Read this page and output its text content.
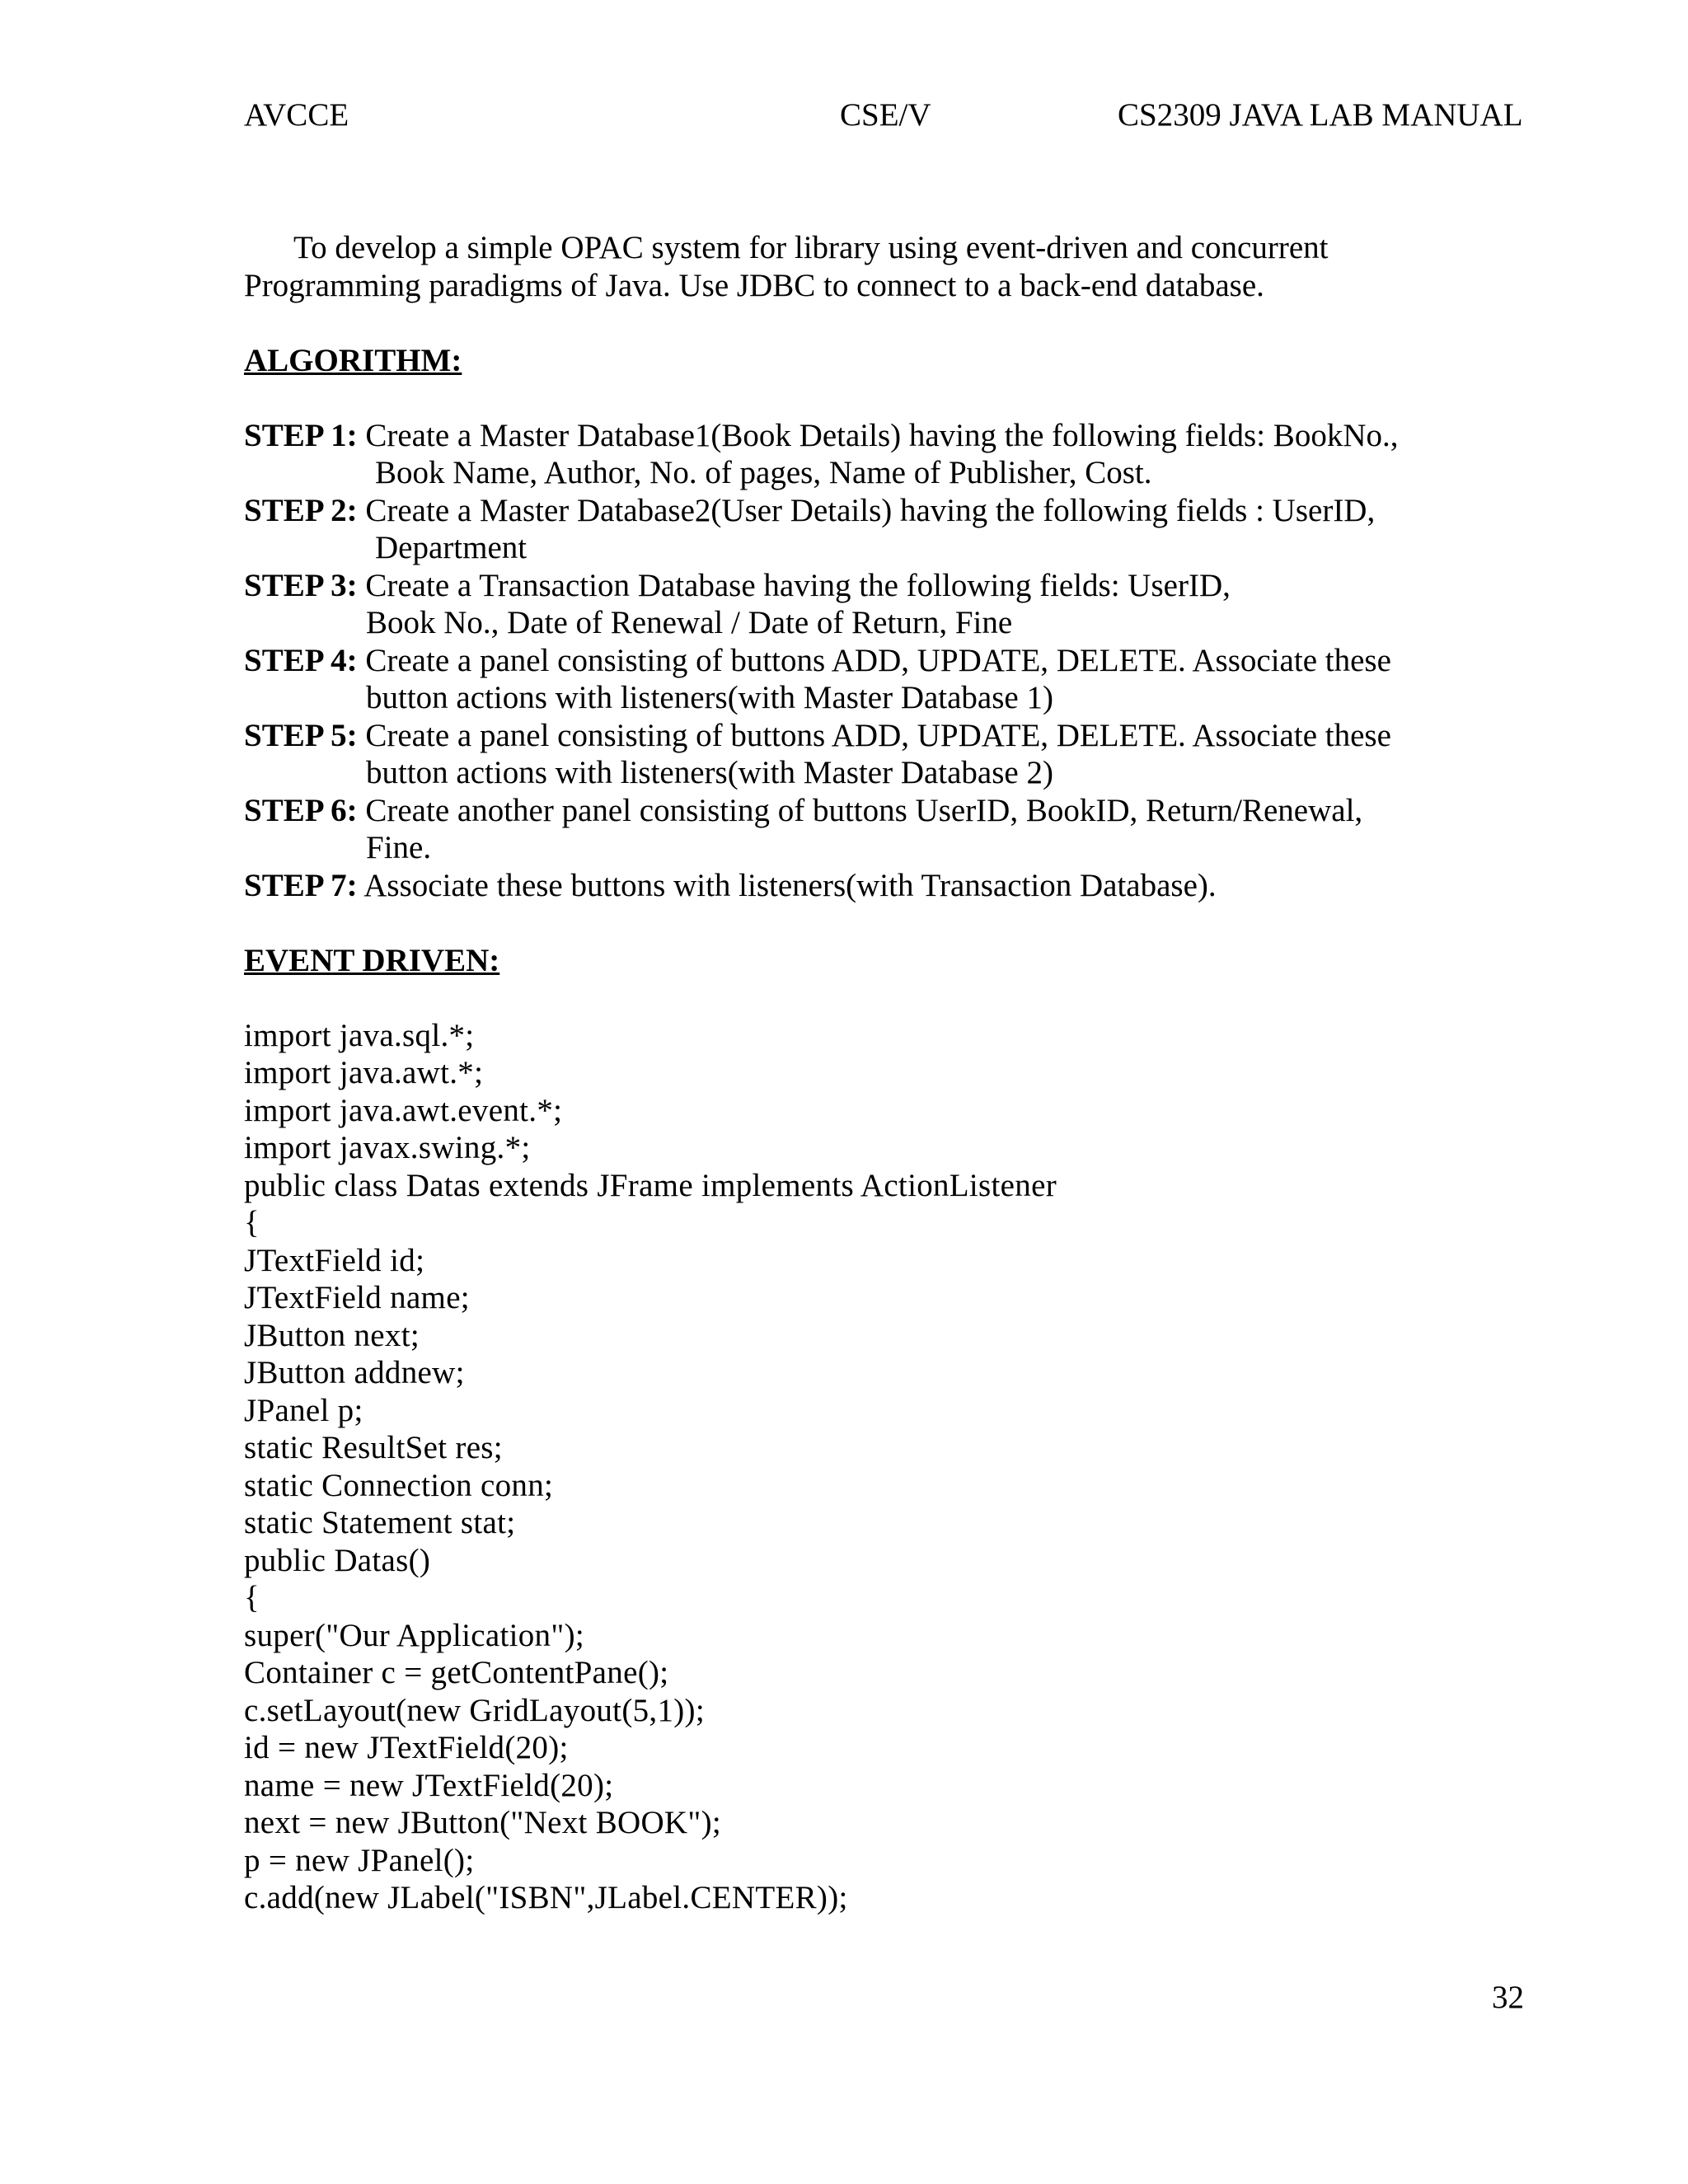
AVCCE	CSE/V	CS2309 JAVA LAB MANUAL
To develop a simple OPAC system for library using event-driven and concurrent
Programming paradigms of Java. Use JDBC to connect to a back-end database.
ALGORITHM:
STEP 1: Create a Master Database1(Book Details) having the following fields: BookNo.,
Book Name, Author, No. of pages, Name of Publisher, Cost.
STEP 2: Create a Master Database2(User Details) having the following fields : UserID,
Department
STEP 3: Create a Transaction Database having the following fields: UserID,
Book No., Date of Renewal / Date of Return, Fine
STEP 4: Create a panel consisting of buttons ADD, UPDATE, DELETE. Associate these
button actions with listeners(with Master Database 1)
STEP 5: Create a panel consisting of buttons ADD, UPDATE, DELETE. Associate these
button actions with listeners(with Master Database 2)
STEP 6: Create another panel consisting of buttons UserID, BookID, Return/Renewal,
Fine.
STEP 7: Associate these buttons with listeners(with Transaction Database).
EVENT DRIVEN:
import java.sql.*;
import java.awt.*;
import java.awt.event.*;
import javax.swing.*;
public class Datas extends JFrame implements ActionListener
{
JTextField id;
JTextField name;
JButton next;
JButton addnew;
JPanel p;
static ResultSet res;
static Connection conn;
static Statement stat;
public Datas()
{
super("Our Application");
Container c = getContentPane();
c.setLayout(new GridLayout(5,1));
id = new JTextField(20);
name = new JTextField(20);
next = new JButton("Next BOOK");
p = new JPanel();
c.add(new JLabel("ISBN",JLabel.CENTER));
32
